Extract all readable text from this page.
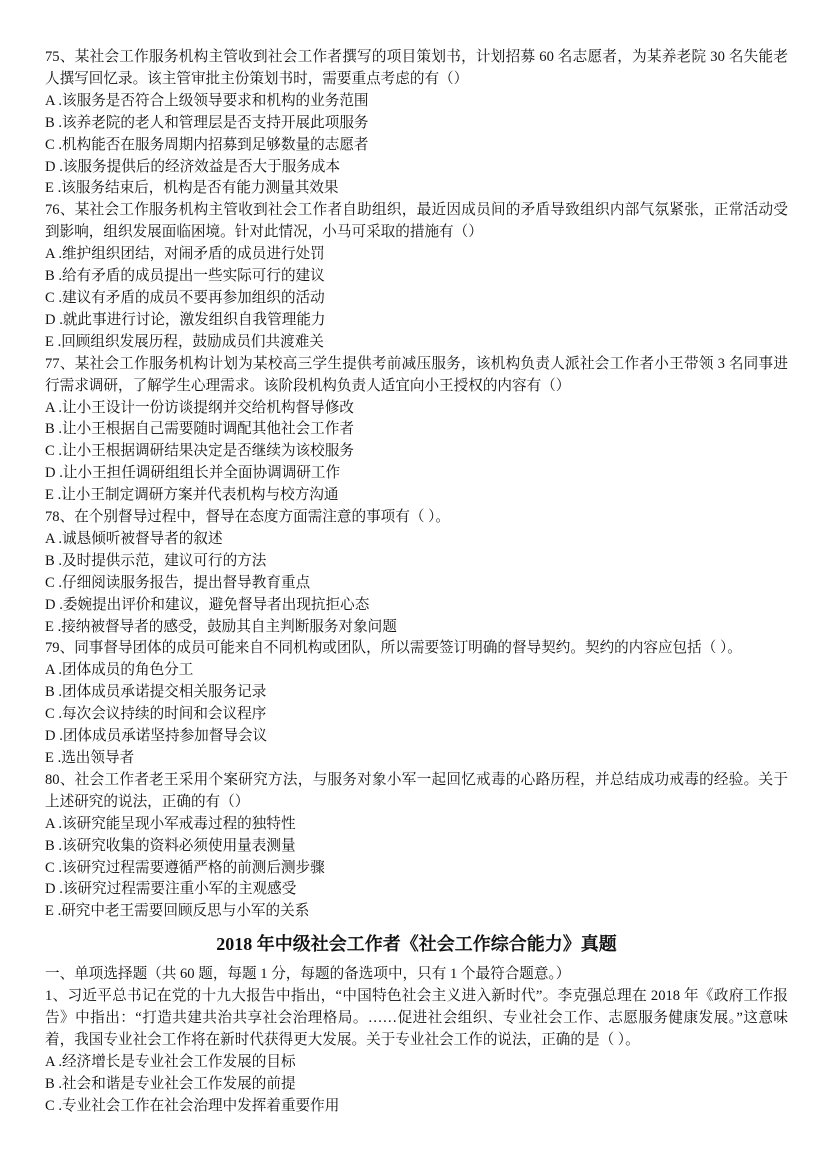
75、某社会工作服务机构主管收到社会工作者撰写的项目策划书，计划招募 60 名志愿者，为某养老院 30 名失能老人撰写回忆录。该主管审批主份策划书时，需要重点考虑的有（）

A .该服务是否符合上级领导要求和机构的业务范围

B .该养老院的老人和管理层是否支持开展此项服务

C .机构能否在服务周期内招募到足够数量的志愿者

D .该服务提供后的经济效益是否大于服务成本

E .该服务结束后，机构是否有能力测量其效果

76、某社会工作服务机构主管收到社会工作者自助组织，最近因成员间的矛盾导致组织内部气氛紧张，正常活动受到影响，组织发展面临困境。针对此情况，小马可采取的措施有（）

A .维护组织团结，对闹矛盾的成员进行处罚

B .给有矛盾的成员提出一些实际可行的建议

C .建议有矛盾的成员不要再参加组织的活动

D .就此事进行讨论，激发组织自我管理能力

E .回顾组织发展历程，鼓励成员们共渡难关

77、某社会工作服务机构计划为某校高三学生提供考前减压服务，该机构负责人派社会工作者小王带领 3 名同事进行需求调研，了解学生心理需求。该阶段机构负责人适宜向小王授权的内容有（）

A .让小王设计一份访谈提纲并交给机构督导修改

B .让小王根据自己需要随时调配其他社会工作者

C .让小王根据调研结果决定是否继续为该校服务

D .让小王担任调研组组长并全面协调调研工作

E .让小王制定调研方案并代表机构与校方沟通

78、在个别督导过程中，督导在态度方面需注意的事项有（ ）。

A .诚恳倾听被督导者的叙述

B .及时提供示范，建议可行的方法

C .仔细阅读服务报告，提出督导教育重点

D .委婉提出评价和建议，避免督导者出现抗拒心态

E .接纳被督导者的感受，鼓励其自主判断服务对象问题

79、同事督导团体的成员可能来自不同机构或团队，所以需要签订明确的督导契约。契约的内容应包括（ ）。

A .团体成员的角色分工

B .团体成员承诺提交相关服务记录

C .每次会议持续的时间和会议程序

D .团体成员承诺坚持参加督导会议

E .选出领导者

80、社会工作者老王采用个案研究方法，与服务对象小军一起回忆戒毒的心路历程，并总结成功戒毒的经验。关于上述研究的说法，正确的有（）

A .该研究能呈现小军戒毒过程的独特性

B .该研究收集的资料必须使用量表测量

C .该研究过程需要遵循严格的前测后测步骤

D .该研究过程需要注重小军的主观感受

E .研究中老王需要回顾反思与小军的关系

2018 年中级社会工作者《社会工作综合能力》真题

一、单项选择题（共 60 题，每题 1 分，每题的备选项中，只有 1 个最符合题意。）

1、习近平总书记在党的十九大报告中指出，“中国特色社会主义进入新时代”。李克强总理在 2018 年《政府工作报告》中指出：“打造共建共治共享社会治理格局。……促进社会组织、专业社会工作、志愿服务健康发展。”这意味着，我国专业社会工作将在新时代获得更大发展。关于专业社会工作的说法，正确的是（ ）。

A .经济增长是专业社会工作发展的目标

B .社会和谐是专业社会工作发展的前提

C .专业社会工作在社会治理中发挥着重要作用
